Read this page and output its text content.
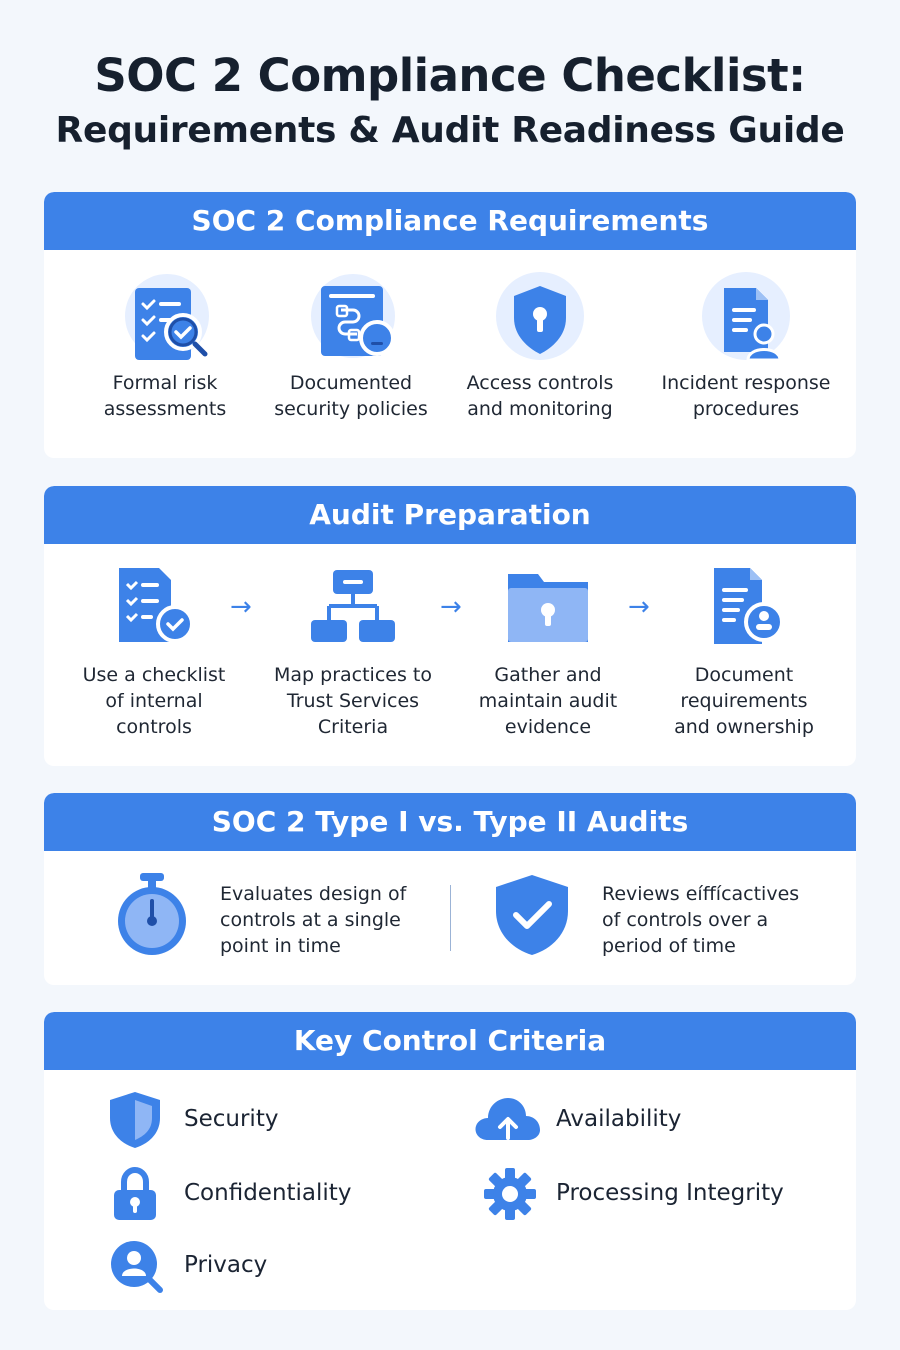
SOC 2 Compliance Checklist:
Requirements & Audit Readiness Guide
SOC 2 Compliance Requirements
Formal risk
assessments
Documented
security policies
Access controls
and monitoring
Incident response
procedures
Audit Preparation
Use a checklist
of internal
controls
→
Map practices to
Trust Services
Criteria
→
Gather and
maintain audit
evidence
→
Document
requirements
and ownership
SOC 2 Type I vs. Type II Audits
Evaluates design of
controls at a single
point in time
Reviews eíffícactives
of controls over a
period of time
Key Control Criteria
Security	Availability
Confidentiality	Processing Integrity
Privacy
